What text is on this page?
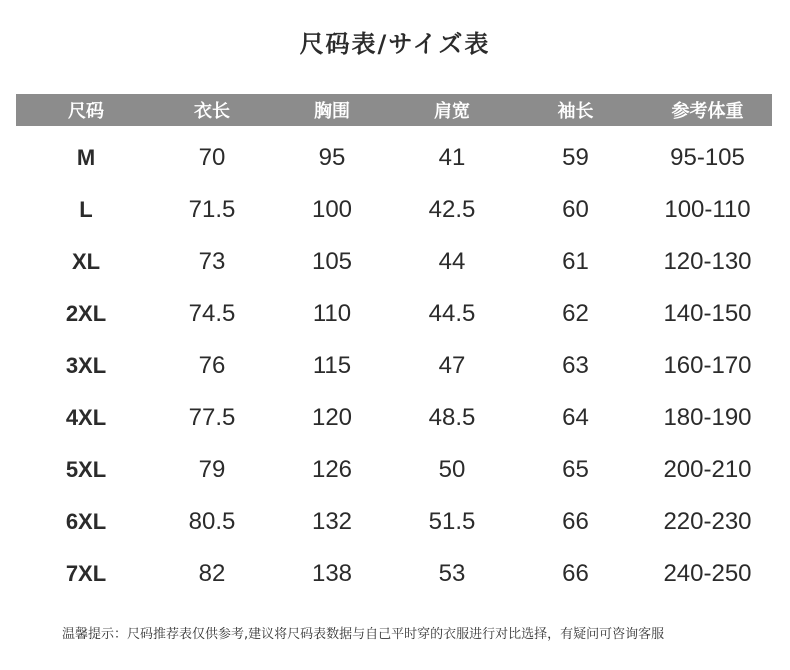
尺码表/サイズ表
尺码	衣长	胸围	肩宽	袖长	参考体重
M	70	95	41	59	95-105
L	71.5	100	42.5	60	100-110
XL	73	105	44	61	120-130
2XL	74.5	110	44.5	62	140-150
3XL	76	115	47	63	160-170
4XL	77.5	120	48.5	64	180-190
5XL	79	126	50	65	200-210
6XL	80.5	132	51.5	66	220-230
7XL	82	138	53	66	240-250
温馨提示：尺码推荐表仅供参考,建议将尺码表数据与自己平时穿的衣服进行对比选择，有疑问可咨询客服
